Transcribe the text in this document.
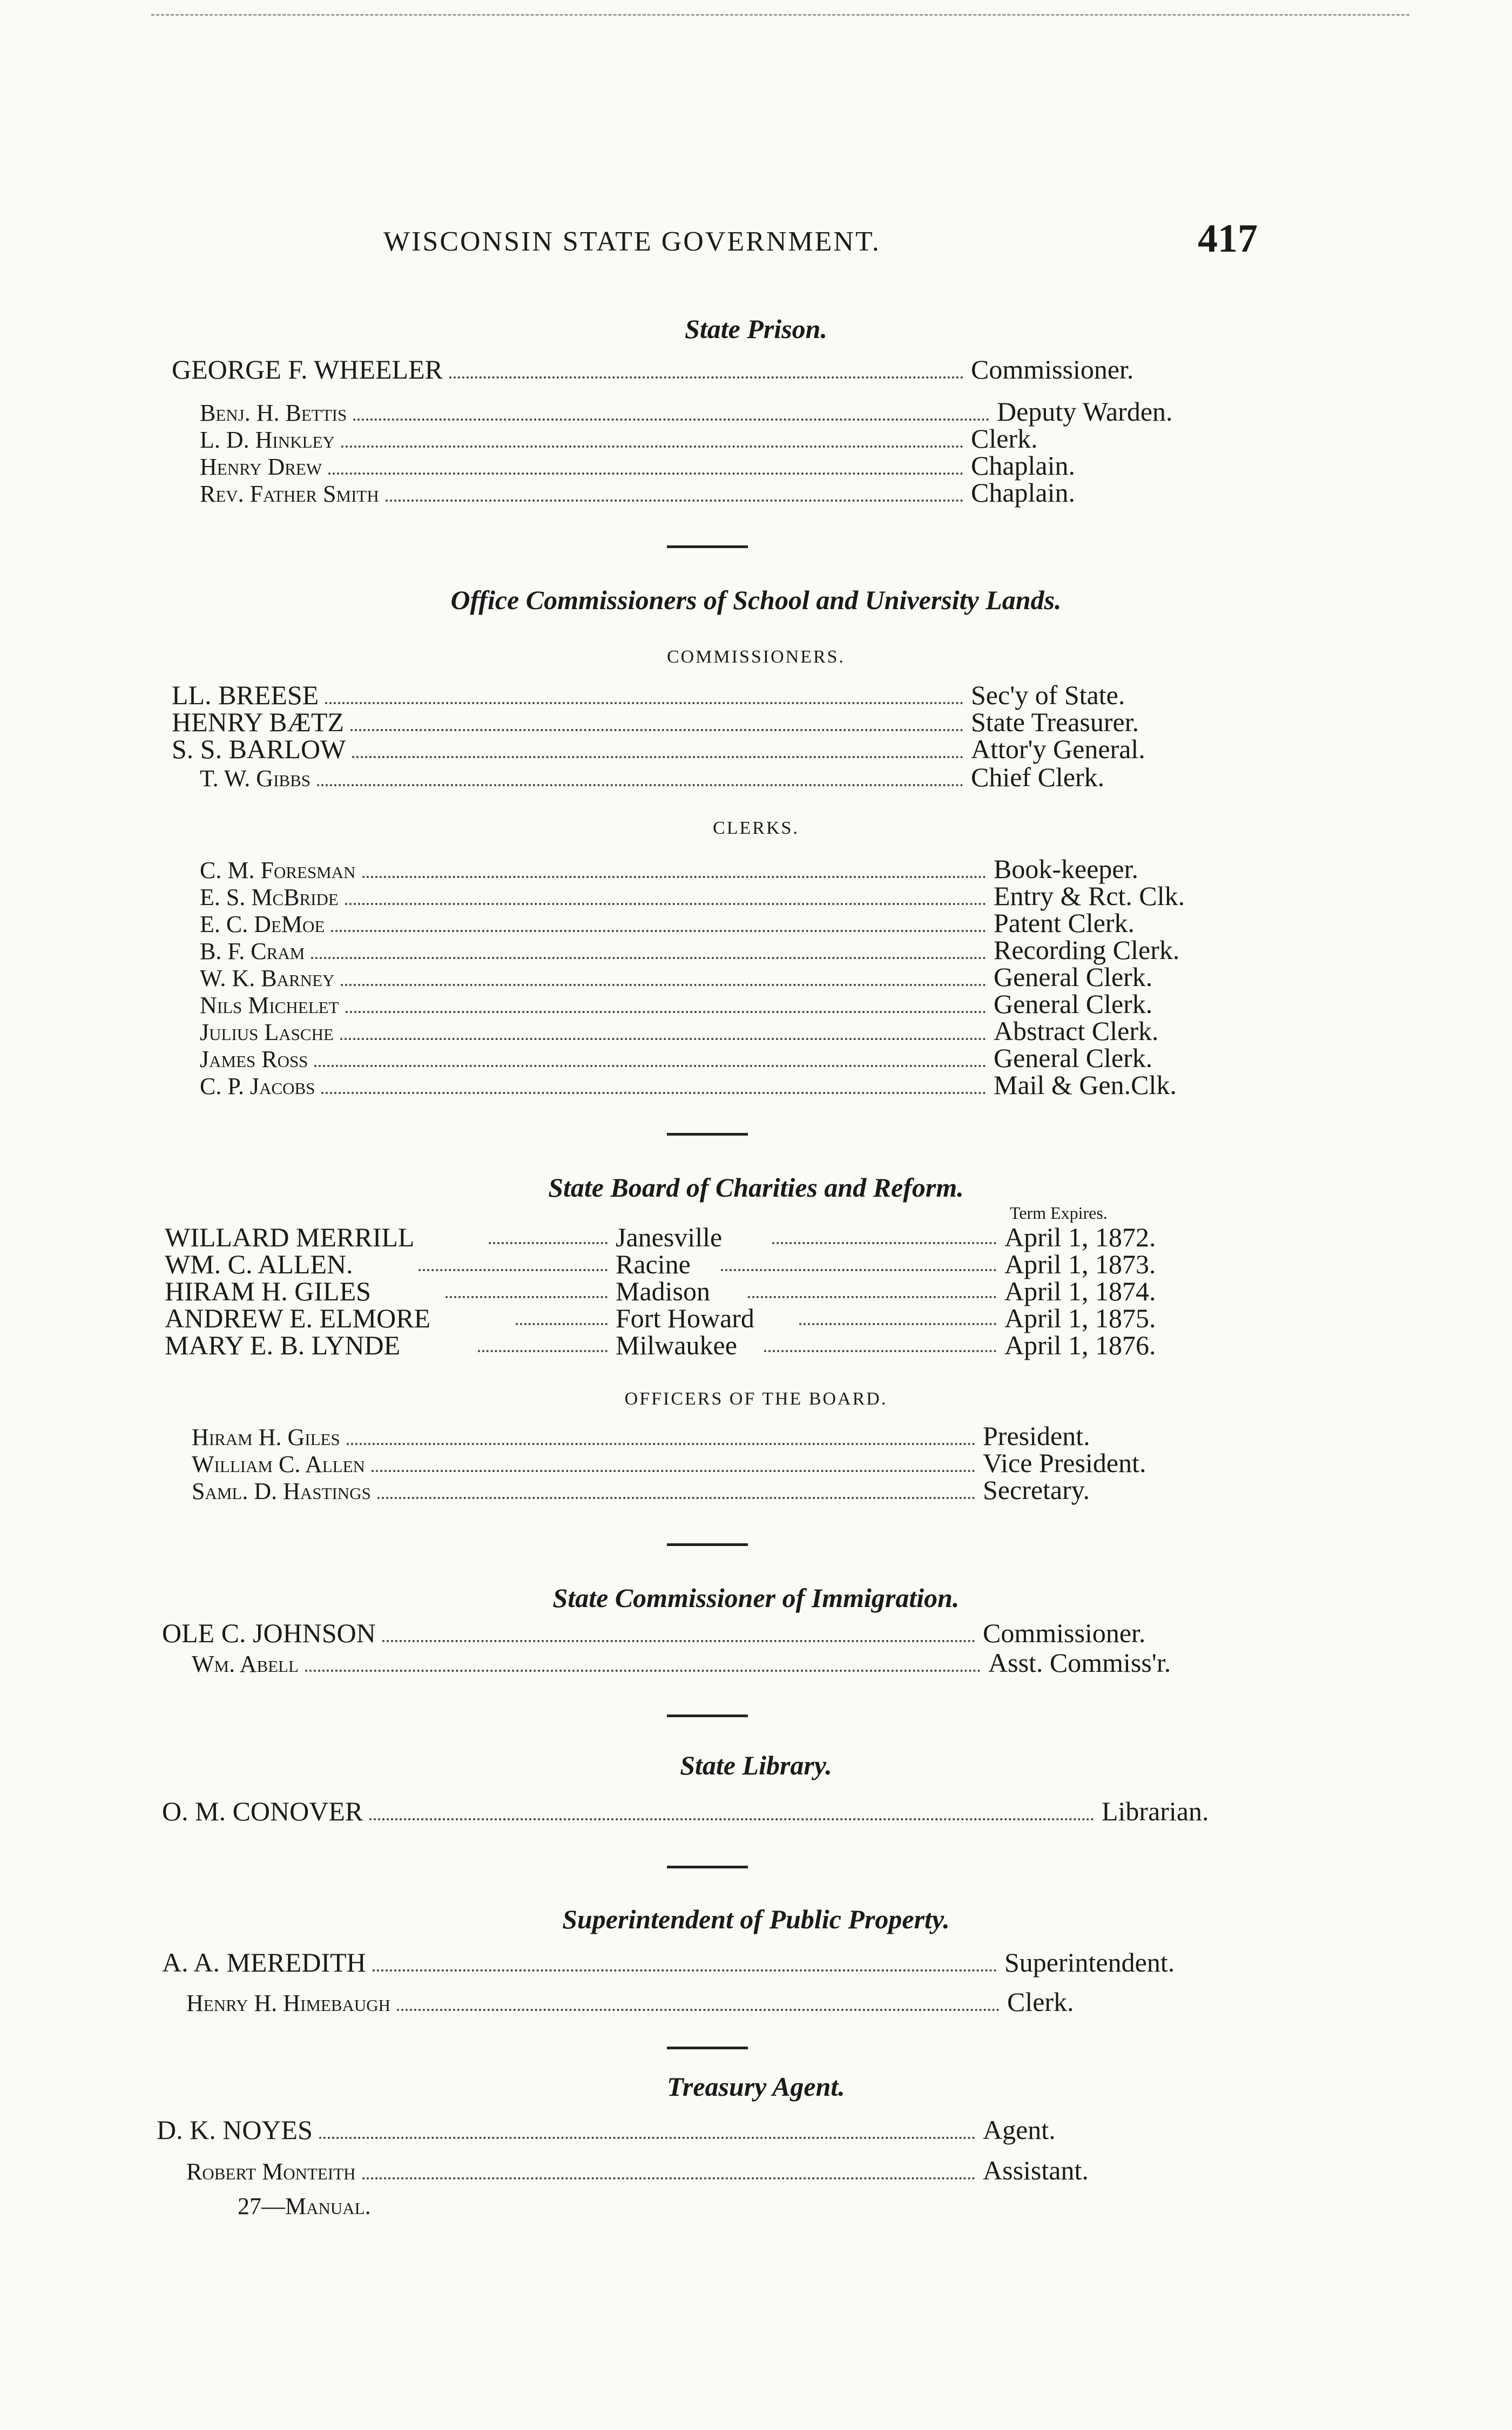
WISCONSIN STATE GOVERNMENT.	417
State Prison.
GEORGE F. WHEELER	Commissioner.
Benj. H. Bettis	Deputy Warden.
L. D. Hinkley	Clerk.
Henry Drew	Chaplain.
Rev. Father Smith	Chaplain.
Office Commissioners of School and University Lands.
COMMISSIONERS.
LL. BREESE	Sec'y of State.
HENRY BÆTZ	State Treasurer.
S. S. BARLOW	Attor'y General.
T. W. Gibbs	Chief Clerk.
CLERKS.
C. M. Foresman	Book-keeper.
E. S. McBride	Entry & Rct. Clk.
E. C. DeMoe	Patent Clerk.
B. F. Cram	Recording Clerk.
W. K. Barney	General Clerk.
Nils Michelet	General Clerk.
Julius Lasche	Abstract Clerk.
James Ross	General Clerk.
C. P. Jacobs	Mail & Gen.Clk.
State Board of Charities and Reform.
Term Expires.
WILLARD MERRILL	Janesville	April 1, 1872.
WM. C. ALLEN.	Racine	April 1, 1873.
HIRAM H. GILES	Madison	April 1, 1874.
ANDREW E. ELMORE	Fort Howard	April 1, 1875.
MARY E. B. LYNDE	Milwaukee	April 1, 1876.
OFFICERS OF THE BOARD.
Hiram H. Giles	President.
William C. Allen	Vice President.
Saml. D. Hastings	Secretary.
State Commissioner of Immigration.
OLE C. JOHNSON	Commissioner.
Wm. Abell	Asst. Commiss'r.
State Library.
O. M. CONOVER	Librarian.
Superintendent of Public Property.
A. A. MEREDITH	Superintendent.
Henry H. Himebaugh	Clerk.
Treasury Agent.
D. K. NOYES	Agent.
Robert Monteith	Assistant.
27—Manual.
